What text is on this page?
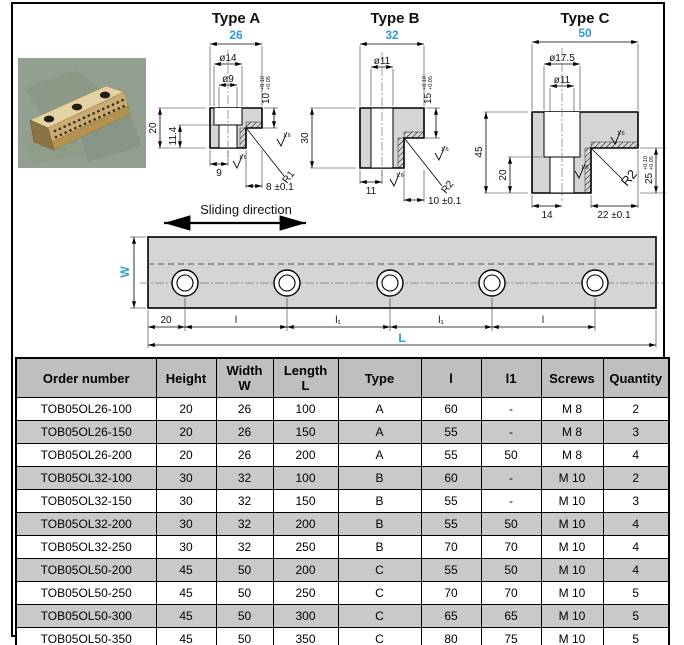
Type A
26
ø14
ø9
20 11.4
9
10
+0.10 +0.05
1.6
1.6
R1
8 ±0.1
Type B
32
ø11
30
15
+0.10 +0.05
1.6
1.6
R2
11
10 ±0.1
Type C
50
ø17.5
ø11
45
20	25
+0.10 +0.05
1.6
1.6 R2
14	22 ±0.1
Sliding direction
W
20	l	l₁	l₁	l
L
Order number	Height	Width
W

Length
L	Type	l	l1	Screws	Quantity

TOB05OL26-100	20	26	100	A	60	-	M 8	2
TOB05OL26-150	20	26	150	A	55	-	M 8	3
TOB05OL26-200	20	26	200	A	55	50	M 8	4
TOB05OL32-100	30	32	100	B	60	-	M 10	2
TOB05OL32-150	30	32	150	B	55	-	M 10	3
TOB05OL32-200	30	32	200	B	55	50	M 10	4
TOB05OL32-250	30	32	250	B	70	70	M 10	4
TOB05OL50-200	45	50	200	C	55	50	M 10	4
TOB05OL50-250	45	50	250	C	70	70	M 10	5
TOB05OL50-300	45	50	300	C	65	65	M 10	5
TOB05OL50-350	45	50	350	C	80	75	M 10	5
